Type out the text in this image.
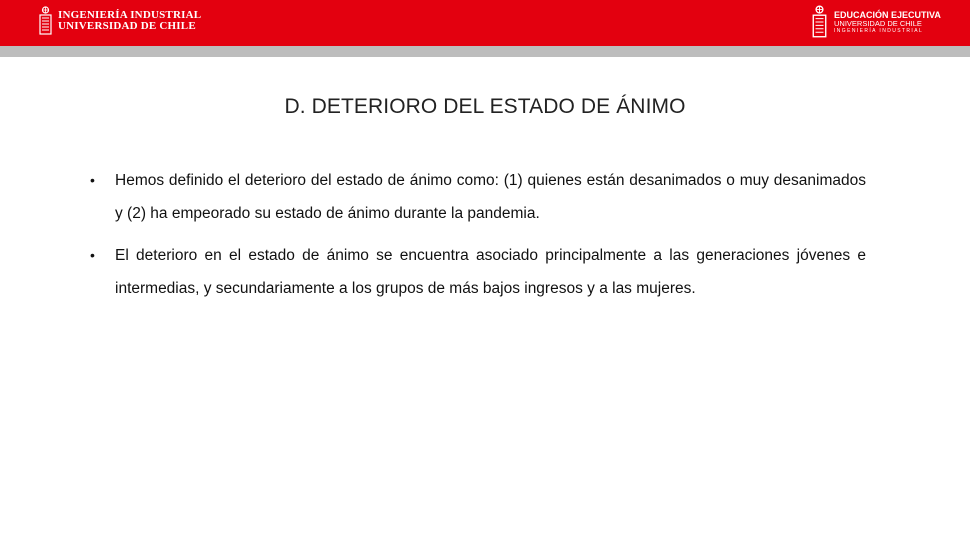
INGENIERÍA INDUSTRIAL
UNIVERSIDAD DE CHILE
EDUCACIÓN EJECUTIVA
UNIVERSIDAD DE CHILE
INGENIERÍA INDUSTRIAL
D. DETERIORO DEL ESTADO DE ÁNIMO
• Hemos definido el deterioro del estado de ánimo como: (1) quienes están desanimados o muy desanimados y (2) ha empeorado su estado de ánimo durante la pandemia.
• El deterioro en el estado de ánimo se encuentra asociado principalmente a las generaciones jóvenes e intermedias, y secundariamente a los grupos de más bajos ingresos y a las mujeres.
